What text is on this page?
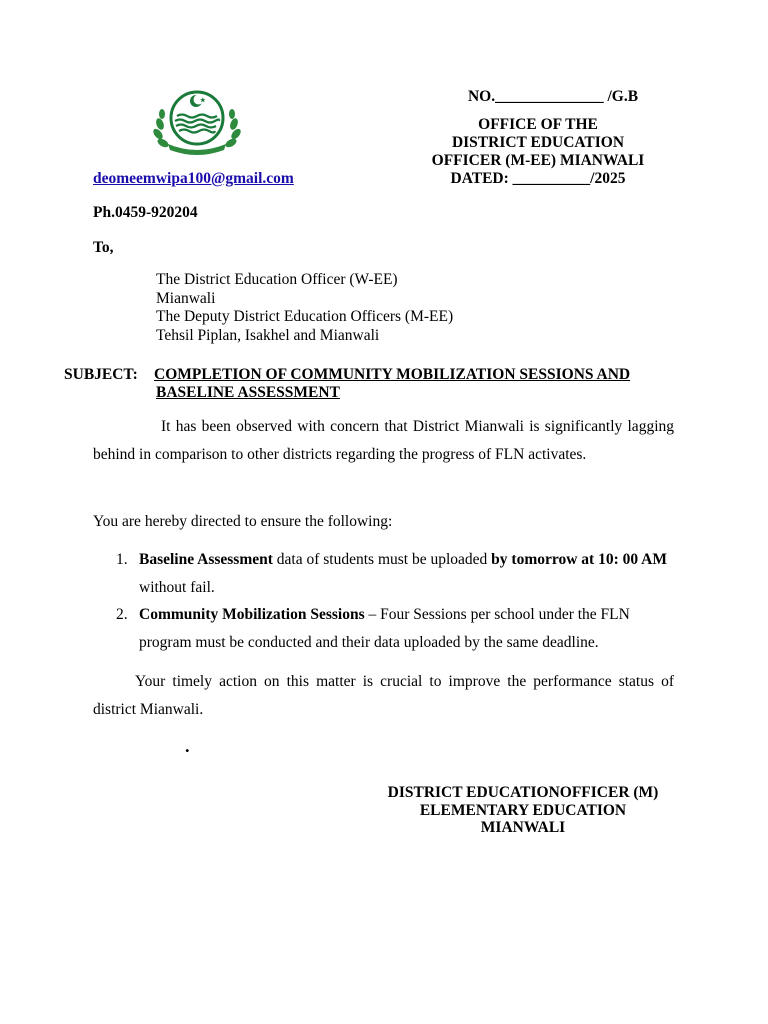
NO.______________ /G.B
OFFICE OF THE
DISTRICT EDUCATION
OFFICER (M-EE) MIANWALI
DATED: __________/2025
deomeemwipa100@gmail.com
Ph.0459-920204
To,
The District Education Officer (W-EE)
Mianwali
The Deputy District Education Officers (M-EE)
Tehsil Piplan, Isakhel and Mianwali
SUBJECT: COMPLETION OF COMMUNITY MOBILIZATION SESSIONS AND
BASELINE ASSESSMENT
It has been observed with concern that District Mianwali is significantly lagging behind in comparison to other districts regarding the progress of FLN activates.
You are hereby directed to ensure the following:
1. Baseline Assessment data of students must be uploaded by tomorrow at 10: 00 AM without fail.
2. Community Mobilization Sessions – Four Sessions per school under the FLN program must be conducted and their data uploaded by the same deadline.
Your timely action on this matter is crucial to improve the performance status of district Mianwali.
.
DISTRICT EDUCATIONOFFICER (M)
ELEMENTARY EDUCATION
MIANWALI
